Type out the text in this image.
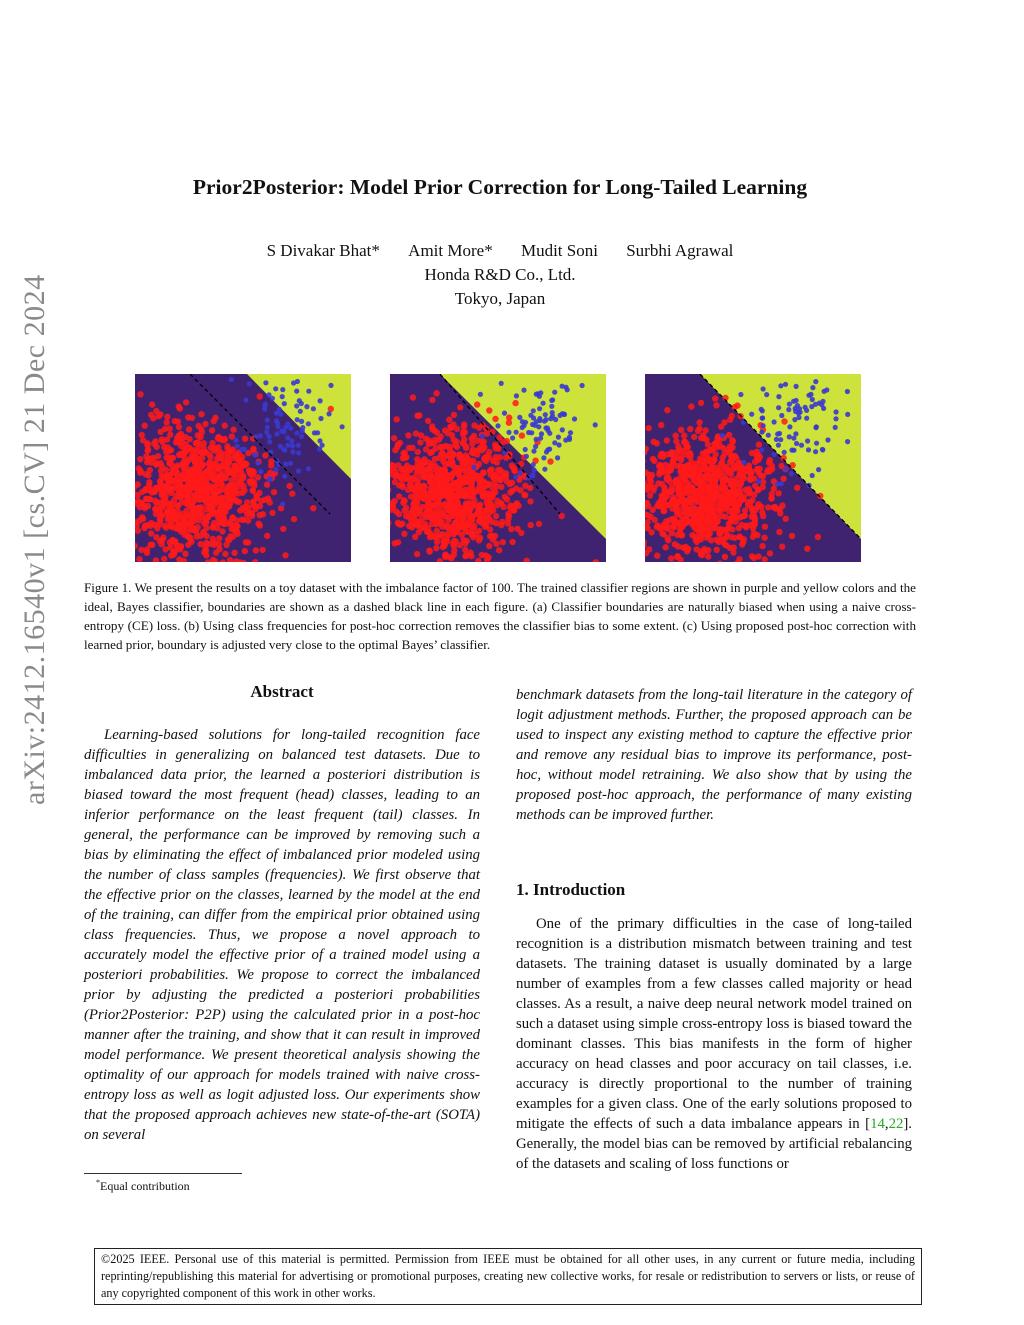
arXiv:2412.16540v1 [cs.CV] 21 Dec 2024
Prior2Posterior: Model Prior Correction for Long-Tailed Learning
S Divakar Bhat* Amit More* Mudit Soni Surbhi Agrawal
Honda R&D Co., Ltd.
Tokyo, Japan
Figure 1. We present the results on a toy dataset with the imbalance factor of 100. The trained classifier regions are shown in purple and yellow colors and the ideal, Bayes classifier, boundaries are shown as a dashed black line in each figure. (a) Classifier boundaries are naturally biased when using a naive cross-entropy (CE) loss. (b) Using class frequencies for post-hoc correction removes the classifier bias to some extent. (c) Using proposed post-hoc correction with learned prior, boundary is adjusted very close to the optimal Bayes’ classifier.
Abstract

Learning-based solutions for long-tailed recognition face difficulties in generalizing on balanced test datasets. Due to imbalanced data prior, the learned a posteriori distribution is biased toward the most frequent (head) classes, leading to an inferior performance on the least frequent (tail) classes. In general, the performance can be improved by removing such a bias by eliminating the effect of imbalanced prior modeled using the number of class samples (frequencies). We first observe that the effective prior on the classes, learned by the model at the end of the training, can differ from the empirical prior obtained using class frequencies. Thus, we propose a novel approach to accurately model the effective prior of a trained model using a posteriori probabilities. We propose to correct the imbalanced prior by adjusting the predicted a posteriori probabilities (Prior2Posterior: P2P) using the calculated prior in a post-hoc manner after the training, and show that it can result in improved model performance. We present theoretical analysis showing the optimality of our approach for models trained with naive cross-entropy loss as well as logit adjusted loss. Our experiments show that the proposed approach achieves new state-of-the-art (SOTA) on several

*Equal contribution

benchmark datasets from the long-tail literature in the category of logit adjustment methods. Further, the proposed approach can be used to inspect any existing method to capture the effective prior and remove any residual bias to improve its performance, post-hoc, without model retraining. We also show that by using the proposed post-hoc approach, the performance of many existing methods can be improved further.

1. Introduction

One of the primary difficulties in the case of long-tailed recognition is a distribution mismatch between training and test datasets. The training dataset is usually dominated by a large number of examples from a few classes called majority or head classes. As a result, a naive deep neural network model trained on such a dataset using simple cross-entropy loss is biased toward the dominant classes. This bias manifests in the form of higher accuracy on head classes and poor accuracy on tail classes, i.e. accuracy is directly proportional to the number of training examples for a given class. One of the early solutions proposed to mitigate the effects of such a data imbalance appears in [14,22]. Generally, the model bias can be removed by artificial rebalancing of the datasets and scaling of loss functions or

©2025 IEEE. Personal use of this material is permitted. Permission from IEEE must be obtained for all other uses, in any current or future media, including reprinting/republishing this material for advertising or promotional purposes, creating new collective works, for resale or redistribution to servers or lists, or reuse of any copyrighted component of this work in other works.
